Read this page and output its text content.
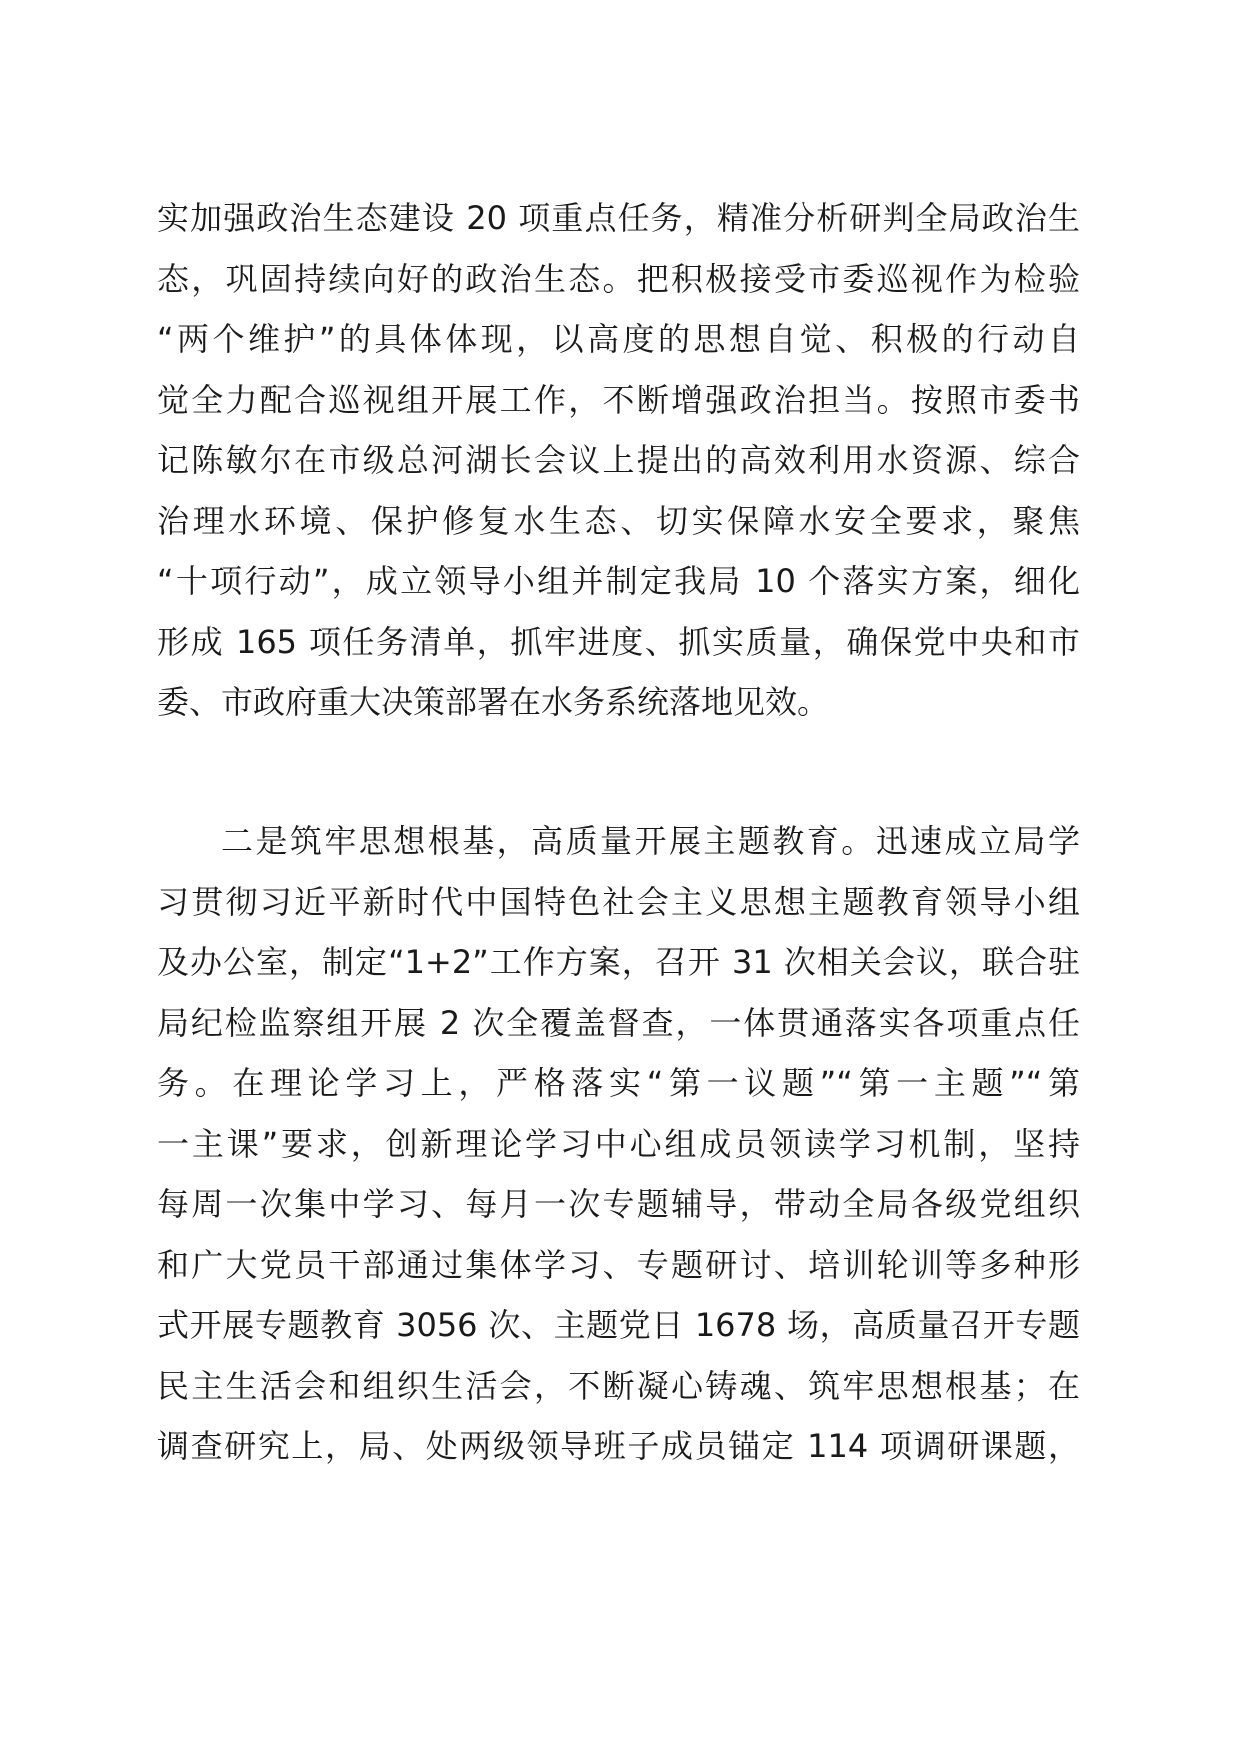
实加强政治生态建设 20 项重点任务，精准分析研判全局政治生
态，巩固持续向好的政治生态。把积极接受市委巡视作为检验
“两个维护”的具体体现，以高度的思想自觉、积极的行动自
觉全力配合巡视组开展工作，不断增强政治担当。按照市委书
记陈敏尔在市级总河湖长会议上提出的高效利用水资源、综合
治理水环境、保护修复水生态、切实保障水安全要求，聚焦
“十项行动”，成立领导小组并制定我局 10 个落实方案，细化
形成 165 项任务清单，抓牢进度、抓实质量，确保党中央和市
委、市政府重大决策部署在水务系统落地见效。
二是筑牢思想根基，高质量开展主题教育。迅速成立局学
习贯彻习近平新时代中国特色社会主义思想主题教育领导小组
及办公室，制定“1+2”工作方案，召开 31 次相关会议，联合驻
局纪检监察组开展 2 次全覆盖督查，一体贯通落实各项重点任
务。在理论学习上，严格落实“第一议题”“第一主题”“第
一主课”要求，创新理论学习中心组成员领读学习机制，坚持
每周一次集中学习、每月一次专题辅导，带动全局各级党组织
和广大党员干部通过集体学习、专题研讨、培训轮训等多种形
式开展专题教育 3056 次、主题党日 1678 场，高质量召开专题
民主生活会和组织生活会，不断凝心铸魂、筑牢思想根基；在
调查研究上，局、处两级领导班子成员锚定 114 项调研课题，
